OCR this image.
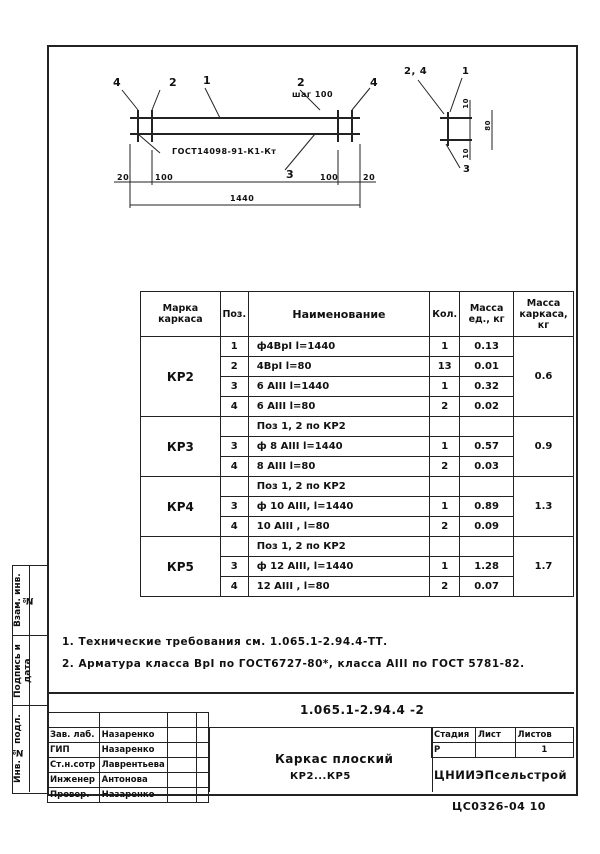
4	2 1	2	4
шаг 100
ГОСТ14098-91-К1-Кт
3
20	100	100	20
1440
2, 4	1
3
10
80
10
Марка каркаса	Поз.	Наименование	Кол.	Масса ед., кг	Масса каркаса, кг
КР2	1	ф4ВрI l=1440	1	0.13	0.6
	2	4ВрI l=80	13	0.01	
	3	6 АIII l=1440	1	0.32	
	4	6 АIII l=80	2	0.02	
КР3		Поз 1, 2 по КР2			0.9
	3	ф 8 АIII l=1440	1	0.57	
	4	8 АIII l=80	2	0.03	
КР4		Поз 1, 2 по КР2			1.3
	3	ф 10 АIII, l=1440	1	0.89	
	4	10 АIII , l=80	2	0.09	
КР5		Поз 1, 2 по КР2			1.7
	3	ф 12 АIII, l=1440	1	1.28	
	4	12 АIII , l=80	2	0.07	
1. Технические требования см. 1.065.1-2.94.4-ТТ.
2. Арматура класса ВрI по ГОСТ6727-80*, класса АIII по ГОСТ 5781-82.
Взам. инв. №
Подпись и дата
Инв. № подл.
1.065.1-2.94.4 -2

Зав. лаб.	Назаренко		
ГИП	Назаренко		
Ст.н.сотр	Лаврентьева		
Инженер	Антонова		
Провер.	Назаренко		
Каркас плоский
КР2...КР5
Стадия	Лист	Листов
Р		1
ЦНИИЭПсельстрой
ЦС0326-04 10
